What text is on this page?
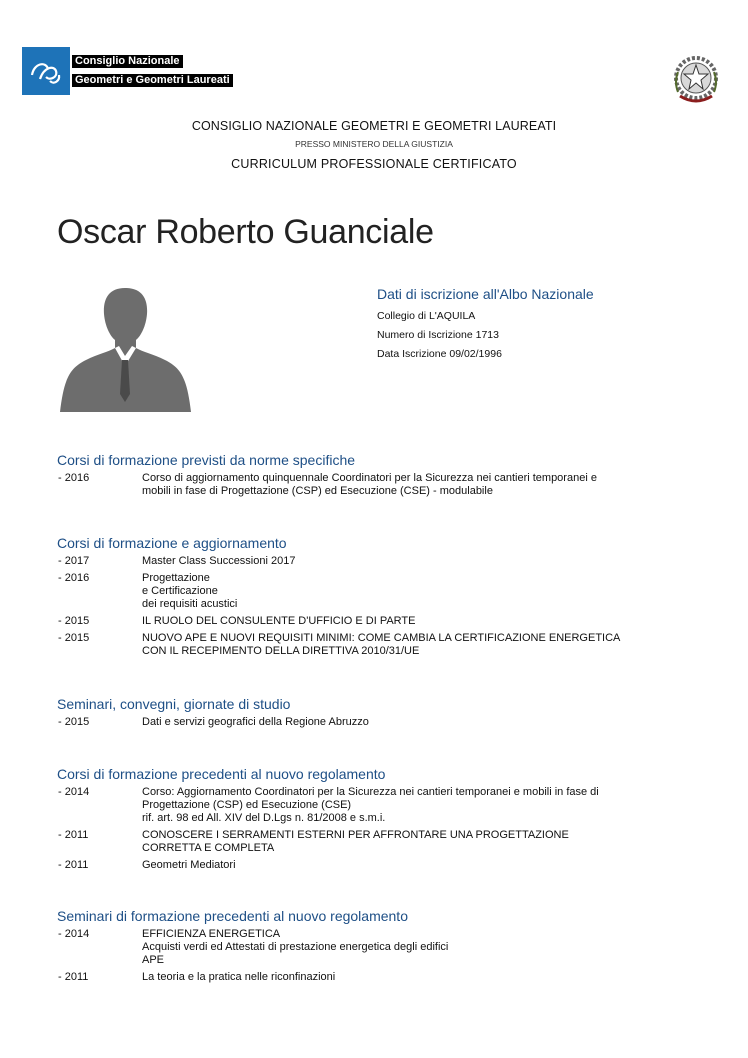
Consiglio Nazionale
Geometri e Geometri Laureati
CONSIGLIO NAZIONALE GEOMETRI E GEOMETRI LAUREATI
PRESSO MINISTERO DELLA GIUSTIZIA
CURRICULUM PROFESSIONALE CERTIFICATO
Oscar Roberto Guanciale
Dati di iscrizione all'Albo Nazionale
Collegio di L'AQUILA
Numero di Iscrizione 1713
Data Iscrizione 09/02/1996
Corsi di formazione previsti da norme specifiche
- 2016	Corso di aggiornamento quinquennale Coordinatori per la Sicurezza nei cantieri temporanei e
mobili in fase di Progettazione (CSP) ed Esecuzione (CSE) - modulabile
Corsi di formazione e aggiornamento
- 2017	Master Class Successioni 2017
- 2016	Progettazione
e Certificazione
dei requisiti acustici
- 2015	IL RUOLO DEL CONSULENTE D'UFFICIO E DI PARTE
- 2015	NUOVO APE E NUOVI REQUISITI MINIMI: COME CAMBIA LA CERTIFICAZIONE ENERGETICA
CON IL RECEPIMENTO DELLA DIRETTIVA 2010/31/UE
Seminari, convegni, giornate di studio
- 2015	Dati e servizi geografici della Regione Abruzzo
Corsi di formazione precedenti al nuovo regolamento
- 2014	Corso: Aggiornamento Coordinatori per la Sicurezza nei cantieri temporanei e mobili in fase di
Progettazione (CSP) ed Esecuzione (CSE)
rif. art. 98 ed All. XIV del D.Lgs n. 81/2008 e s.m.i.
- 2011	CONOSCERE I SERRAMENTI ESTERNI PER AFFRONTARE UNA PROGETTAZIONE
CORRETTA E COMPLETA
- 2011	Geometri Mediatori
Seminari di formazione precedenti al nuovo regolamento
- 2014	EFFICIENZA ENERGETICA
Acquisti verdi ed Attestati di prestazione energetica degli edifici
APE
- 2011	La teoria e la pratica nelle riconfinazioni
